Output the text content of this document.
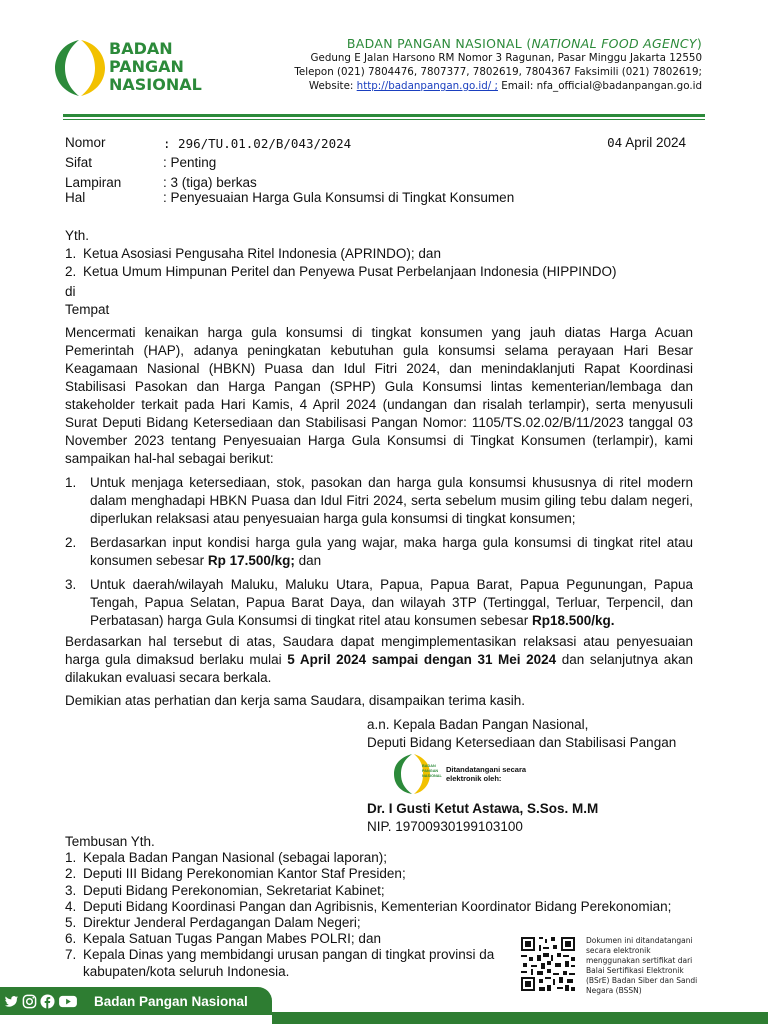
BADAN
PANGAN
NASIONAL
BADAN PANGAN NASIONAL (NATIONAL FOOD AGENCY)
Gedung E Jalan Harsono RM Nomor 3 Ragunan, Pasar Minggu Jakarta 12550
Telepon (021) 7804476, 7807377, 7802619, 7804367 Faksimili (021) 7802619;
Website: http://badanpangan.go.id/ ; Email: nfa_official@badanpangan.go.id
Nomor	: 296/TU.01.02/B/043/2024	04 April 2024
Sifat	: Penting
Lampiran	: 3 (tiga) berkas
Hal	: Penyesuaian Harga Gula Konsumsi di Tingkat Konsumen
Yth.
1. Ketua Asosiasi Pengusaha Ritel Indonesia (APRINDO); dan
2. Ketua Umum Himpunan Peritel dan Penyewa Pusat Perbelanjaan Indonesia (HIPPINDO)
di
Tempat
Mencermati kenaikan harga gula konsumsi di tingkat konsumen yang jauh diatas Harga Acuan Pemerintah (HAP), adanya peningkatan kebutuhan gula konsumsi selama perayaan Hari Besar Keagamaan Nasional (HBKN) Puasa dan Idul Fitri 2024, dan menindaklanjuti Rapat Koordinasi Stabilisasi Pasokan dan Harga Pangan (SPHP) Gula Konsumsi lintas kementerian/lembaga dan stakeholder terkait pada Hari Kamis, 4 April 2024 (undangan dan risalah terlampir), serta menyusuli Surat Deputi Bidang Ketersediaan dan Stabilisasi Pangan Nomor: 1105/TS.02.02/B/11/2023 tanggal 03 November 2023 tentang Penyesuaian Harga Gula Konsumsi di Tingkat Konsumen (terlampir), kami sampaikan hal-hal sebagai berikut:
1.	Untuk menjaga ketersediaan, stok, pasokan dan harga gula konsumsi khususnya di ritel modern dalam menghadapi HBKN Puasa dan Idul Fitri 2024, serta sebelum musim giling tebu dalam negeri, diperlukan relaksasi atau penyesuaian harga gula konsumsi di tingkat konsumen;
2.	Berdasarkan input kondisi harga gula yang wajar, maka harga gula konsumsi di tingkat ritel atau konsumen sebesar Rp 17.500/kg; dan
3.	Untuk daerah/wilayah Maluku, Maluku Utara, Papua, Papua Barat, Papua Pegunungan, Papua Tengah, Papua Selatan, Papua Barat Daya, dan wilayah 3TP (Tertinggal, Terluar, Terpencil, dan Perbatasan) harga Gula Konsumsi di tingkat ritel atau konsumen sebesar Rp18.500/kg.
Berdasarkan hal tersebut di atas, Saudara dapat mengimplementasikan relaksasi atau penyesuaian harga gula dimaksud berlaku mulai 5 April 2024 sampai dengan 31 Mei 2024 dan selanjutnya akan dilakukan evaluasi secara berkala.
Demikian atas perhatian dan kerja sama Saudara, disampaikan terima kasih.
a.n. Kepala Badan Pangan Nasional,
Deputi Bidang Ketersediaan dan Stabilisasi Pangan
BADAN PANGAN NASIONAL
Ditandatangani secara elektronik oleh:
Dr. I Gusti Ketut Astawa, S.Sos. M.M
NIP. 19700930199103100
Tembusan Yth.
1. Kepala Badan Pangan Nasional (sebagai laporan);
2. Deputi III Bidang Perekonomian Kantor Staf Presiden;
3. Deputi Bidang Perekonomian, Sekretariat Kabinet;
4. Deputi Bidang Koordinasi Pangan dan Agribisnis, Kementerian Koordinator Bidang Perekonomian;
5. Direktur Jenderal Perdagangan Dalam Negeri;
6. Kepala Satuan Tugas Pangan Mabes POLRI; dan
7. Kepala Dinas yang membidangi urusan pangan di tingkat provinsi da
kabupaten/kota seluruh Indonesia.
Dokumen ini ditandatangani secara elektronik menggunakan sertifikat dari Balai Sertifikasi Elektronik (BSrE) Badan Siber dan Sandi Negara (BSSN)
Badan Pangan Nasional
